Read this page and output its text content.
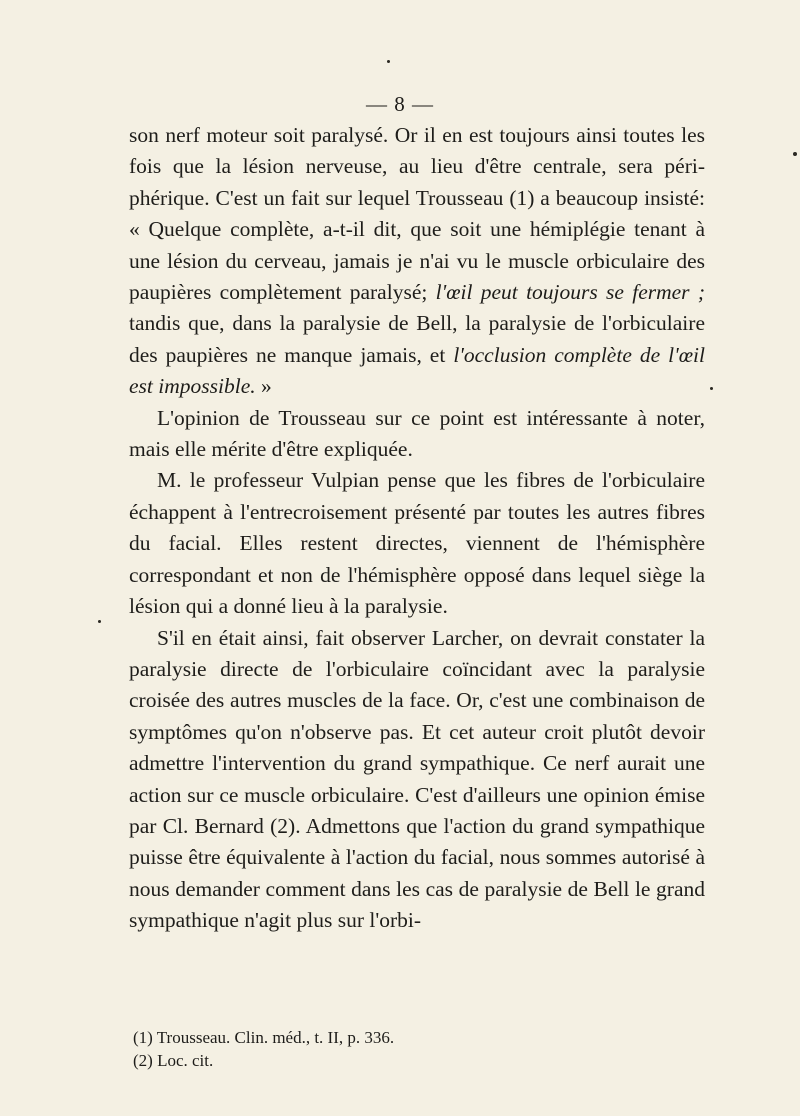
— 8 —

son nerf moteur soit paralysé. Or il en est toujours ainsi toutes les fois que la lésion nerveuse, au lieu d'être centrale, sera périphérique. C'est un fait sur lequel Trousseau (1) a beaucoup insisté: « Quelque complète, a-t-il dit, que soit une hémiplégie tenant à une lésion du cerveau, jamais je n'ai vu le muscle orbiculaire des paupières complètement paralysé; l'œil peut toujours se fermer ; tandis que, dans la paralysie de Bell, la paralysie de l'orbiculaire des paupières ne manque jamais, et l'occlusion complète de l'œil est impossible. »

L'opinion de Trousseau sur ce point est intéressante à noter, mais elle mérite d'être expliquée.

M. le professeur Vulpian pense que les fibres de l'orbiculaire échappent à l'entrecroisement présenté par toutes les autres fibres du facial. Elles restent directes, viennent de l'hémisphère correspondant et non de l'hémisphère opposé dans lequel siège la lésion qui a donné lieu à la paralysie.

S'il en était ainsi, fait observer Larcher, on devrait constater la paralysie directe de l'orbiculaire coïncidant avec la paralysie croisée des autres muscles de la face. Or, c'est une combinaison de symptômes qu'on n'observe pas. Et cet auteur croit plutôt devoir admettre l'intervention du grand sympathique. Ce nerf aurait une action sur ce muscle orbiculaire. C'est d'ailleurs une opinion émise par Cl. Bernard (2). Admettons que l'action du grand sympathique puisse être équivalente à l'action du facial, nous sommes autorisé à nous demander comment dans les cas de paralysie de Bell le grand sympathique n'agit plus sur l'orbi-

(1) Trousseau. Clin. méd., t. II, p. 336.

(2) Loc. cit.
